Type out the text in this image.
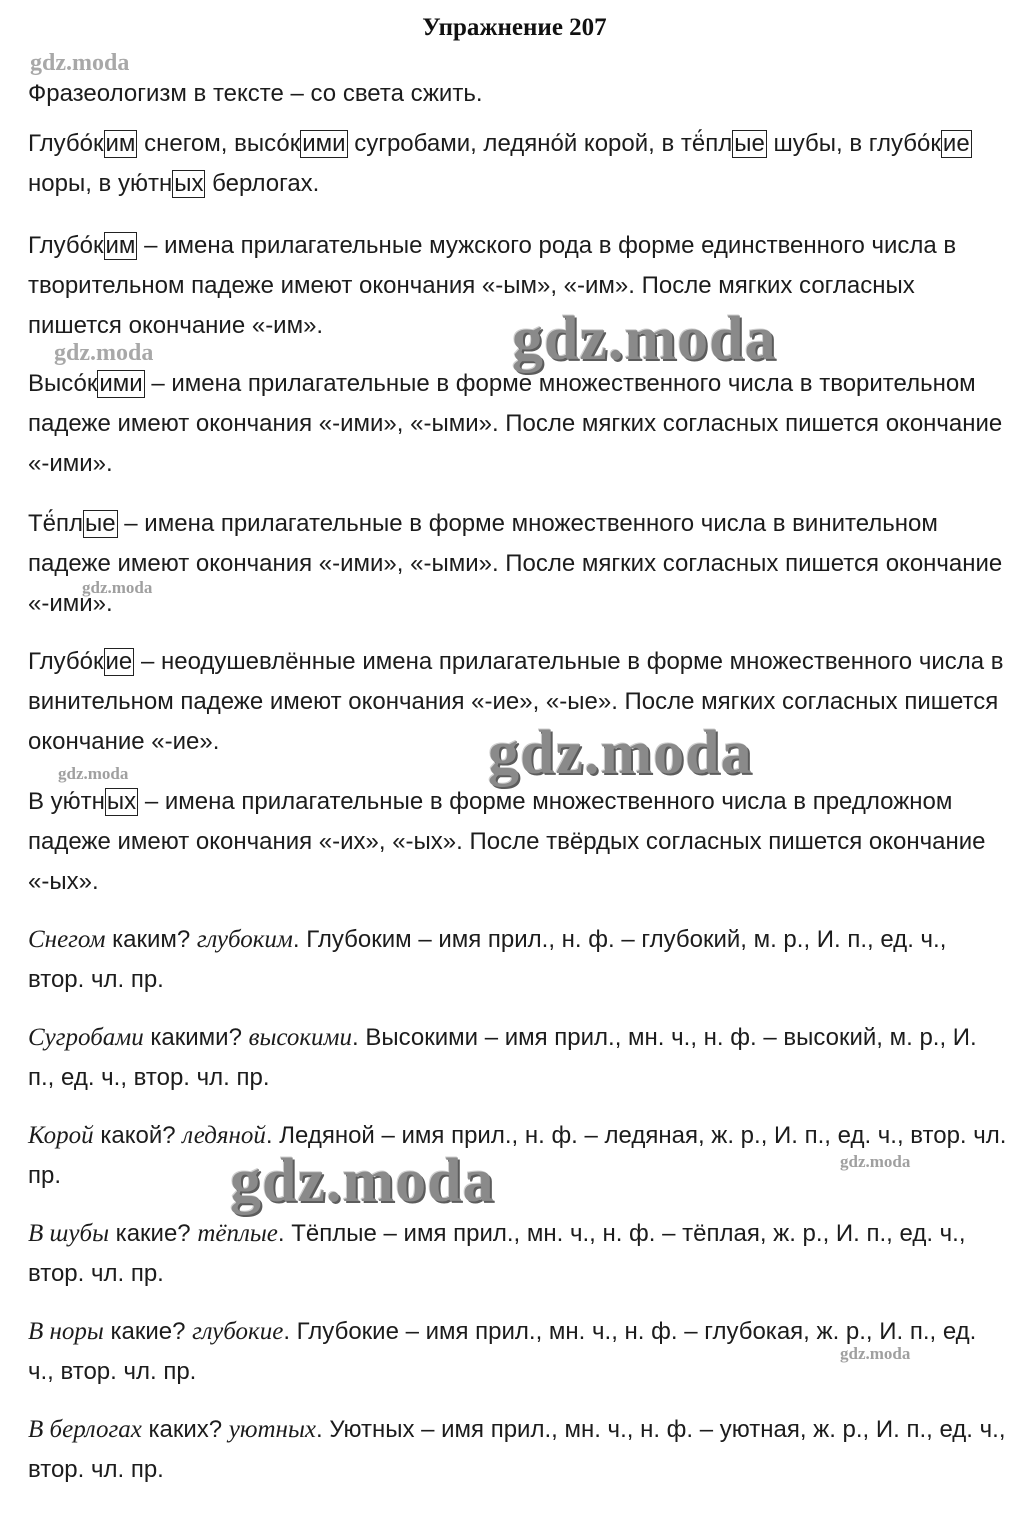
Упражнение 207
Фразеологизм в тексте – со света сжить.
Глубо́ким снегом, высо́кими сугробами, ледяно́й корой, в тё́плые шубы, в глубо́кие норы, в ую́тных берлогах.
Глубо́ким – имена прилагательные мужского рода в форме единственного числа в творительном падеже имеют окончания «-ым», «-им». После мягких согласных пишется окончание «-им».
Высо́кими – имена прилагательные в форме множественного числа в творительном падеже имеют окончания «-ими», «-ыми». После мягких согласных пишется окончание «-ими».
Тё́плые – имена прилагательные в форме множественного числа в винительном падеже имеют окончания «-ими», «-ыми». После мягких согласных пишется окончание «-ими».
Глубо́кие – неодушевлённые имена прилагательные в форме множественного числа в винительном падеже имеют окончания «-ие», «-ые». После мягких согласных пишется окончание «-ие».
В ую́тных – имена прилагательные в форме множественного числа в предложном падеже имеют окончания «-их», «-ых». После твёрдых согласных пишется окончание «-ых».
Снегом каким? глубоким. Глубоким – имя прил., н. ф. – глубокий, м. р., И. п., ед. ч., втор. чл. пр.
Сугробами какими? высокими. Высокими – имя прил., мн. ч., н. ф. – высокий, м. р., И. п., ед. ч., втор. чл. пр.
Корой какой? ледяной. Ледяной – имя прил., н. ф. – ледяная, ж. р., И. п., ед. ч., втор. чл. пр.
В шубы какие? тёплые. Тёплые – имя прил., мн. ч., н. ф. – тёплая, ж. р., И. п., ед. ч., втор. чл. пр.
В норы какие? глубокие. Глубокие – имя прил., мн. ч., н. ф. – глубокая, ж. р., И. п., ед. ч., втор. чл. пр.
В берлогах каких? уютных. Уютных – имя прил., мн. ч., н. ф. – уютная, ж. р., И. п., ед. ч., втор. чл. пр.
gdz.moda
gdz.moda	gdz.moda
gdz.moda
gdz.moda
gdz.moda
gdz.moda	gdz.moda
gdz.moda
